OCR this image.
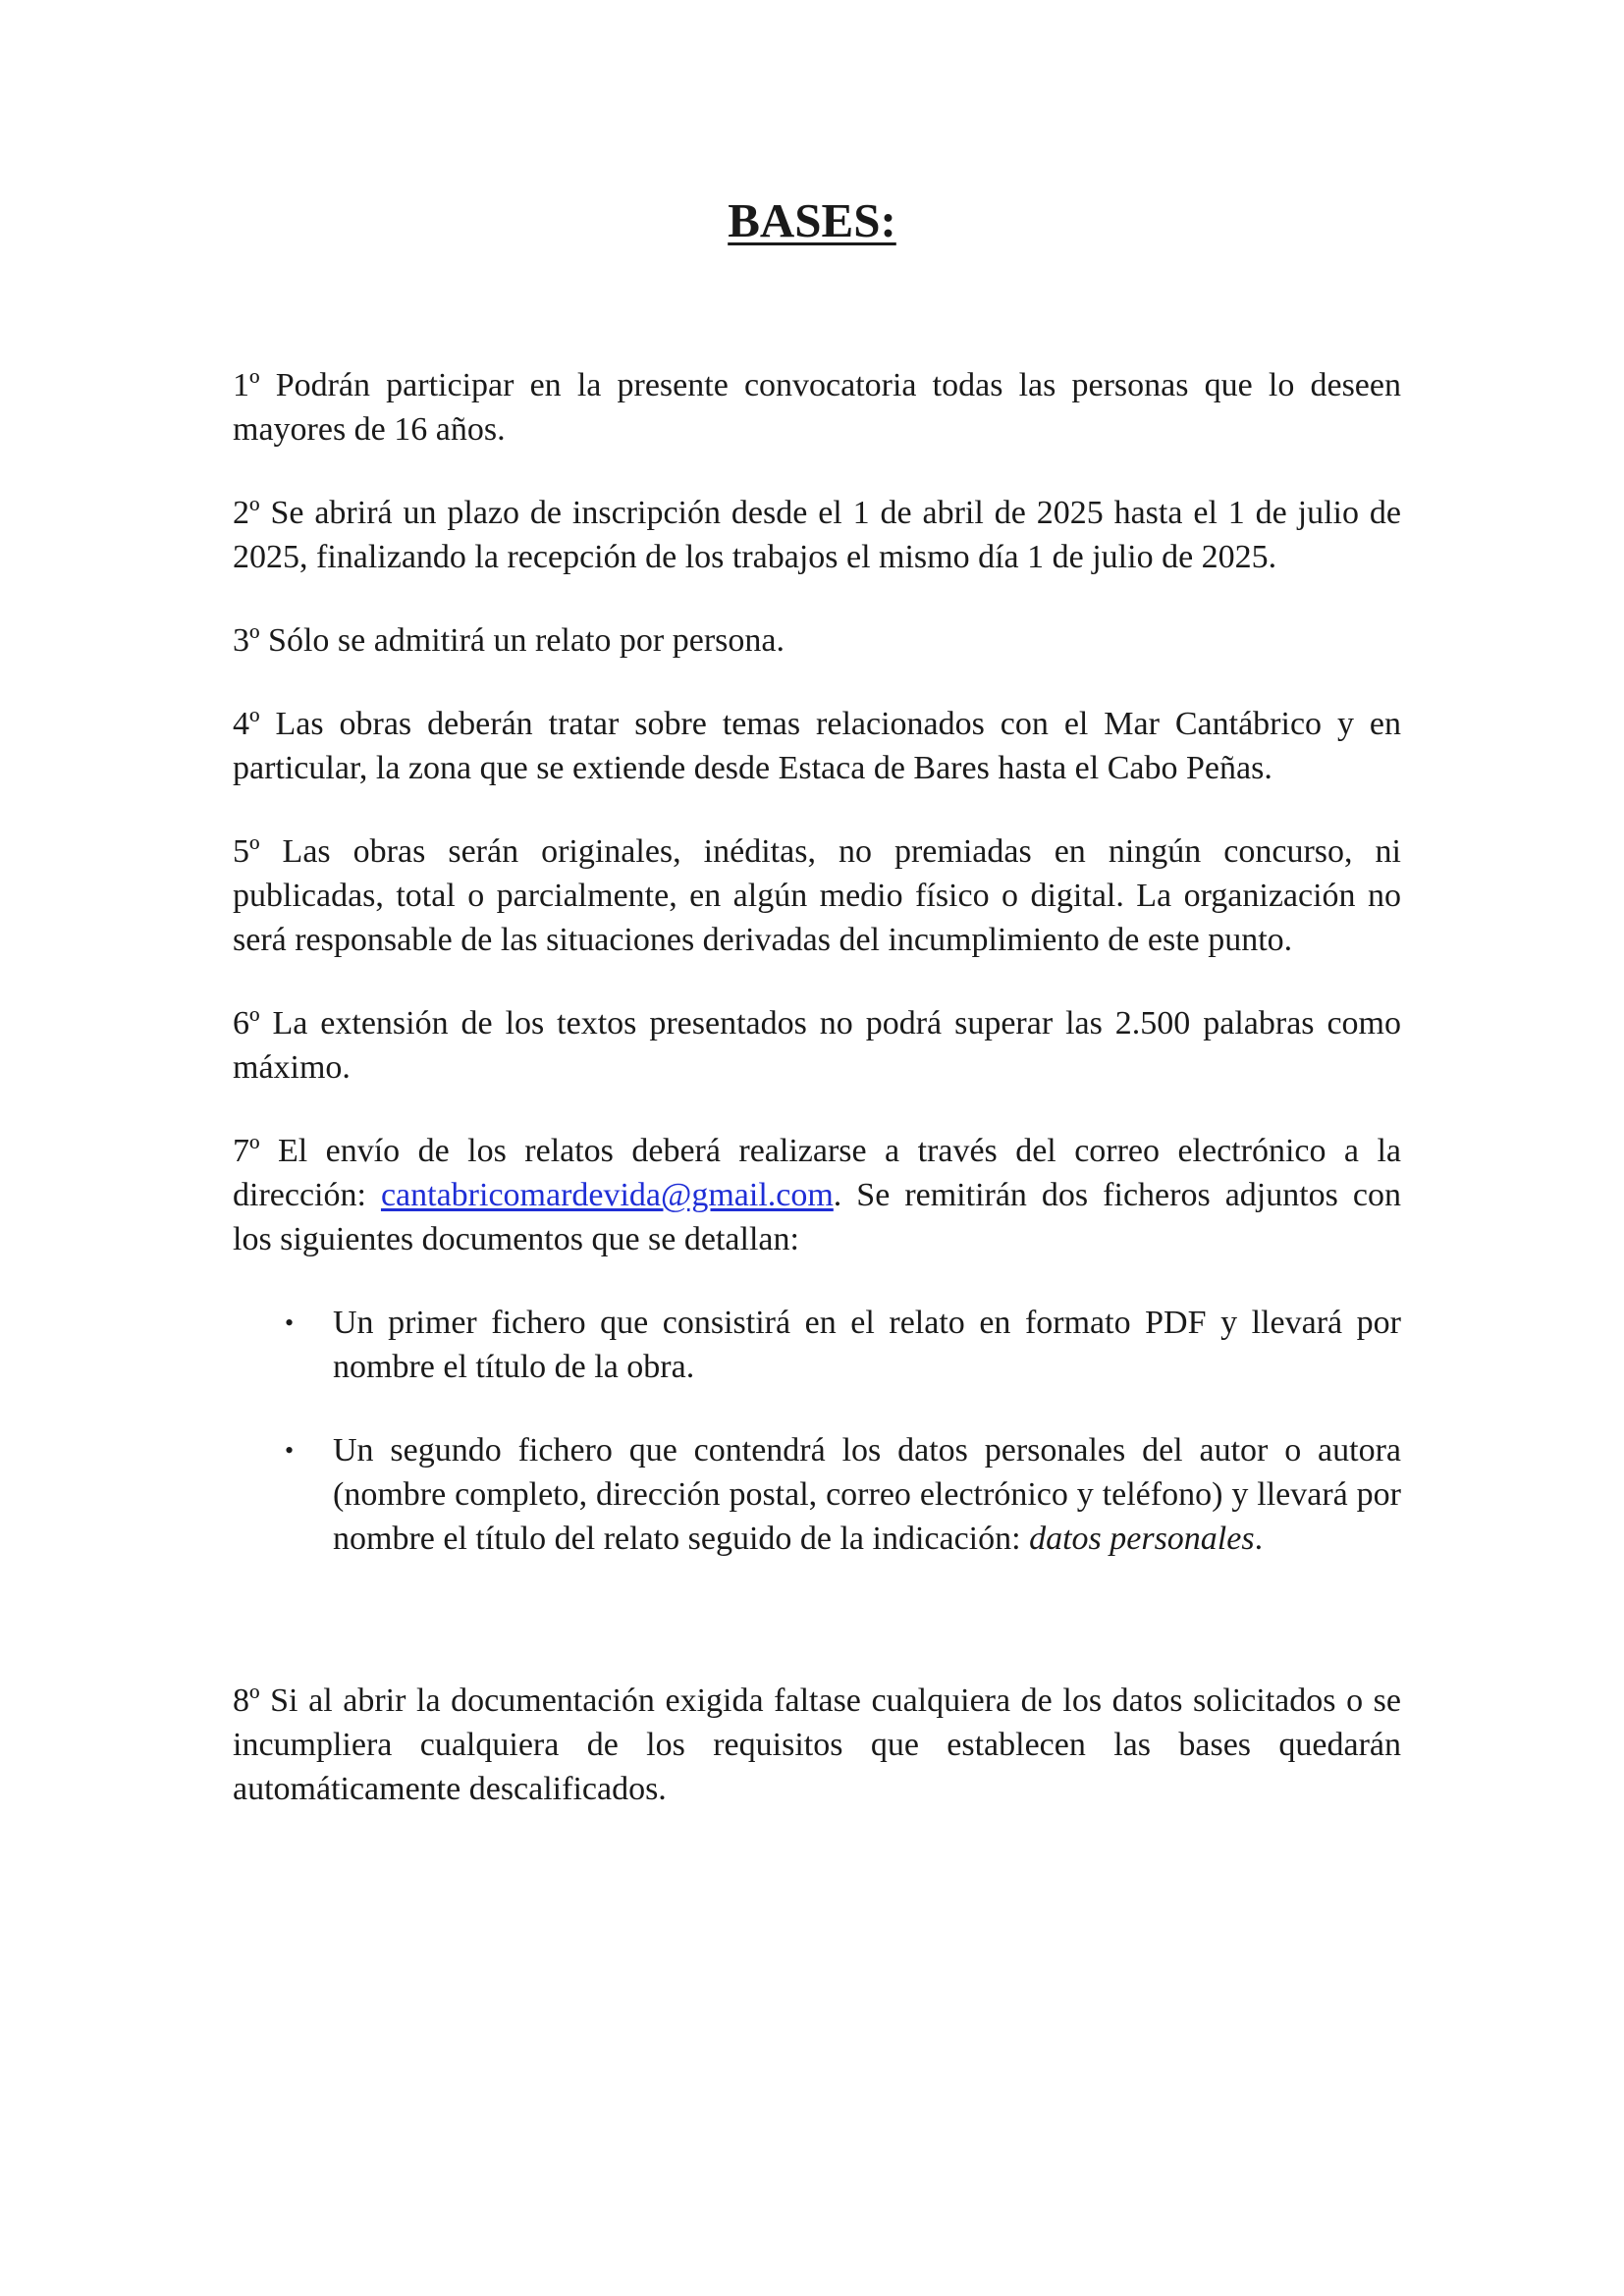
BASES:

1º Podrán participar en la presente convocatoria todas las personas que lo deseen mayores de 16 años.

2º Se abrirá un plazo de inscripción desde el 1 de abril de 2025 hasta el 1 de julio de 2025, finalizando la recepción de los trabajos el mismo día 1 de julio de 2025.

3º Sólo se admitirá un relato por persona.

4º Las obras deberán tratar sobre temas relacionados con el Mar Cantábrico y en particular, la zona que se extiende desde Estaca de Bares hasta el Cabo Peñas.

5º Las obras serán originales, inéditas, no premiadas en ningún concurso, ni publicadas, total o parcialmente, en algún medio físico o digital. La organización no será responsable de las situaciones derivadas del incumplimiento de este punto.

6º La extensión de los textos presentados no podrá superar las 2.500 palabras como máximo.

7º El envío de los relatos deberá realizarse a través del correo electrónico a la dirección: cantabricomardevida@gmail.com. Se remitirán dos ficheros adjuntos con los siguientes documentos que se detallan:

• Un primer fichero que consistirá en el relato en formato PDF y llevará por nombre el título de la obra.
• Un segundo fichero que contendrá los datos personales del autor o autora (nombre completo, dirección postal, correo electrónico y teléfono) y llevará por nombre el título del relato seguido de la indicación: datos personales.

8º Si al abrir la documentación exigida faltase cualquiera de los datos solicitados o se incumpliera cualquiera de los requisitos que establecen las bases quedarán automáticamente descalificados.
